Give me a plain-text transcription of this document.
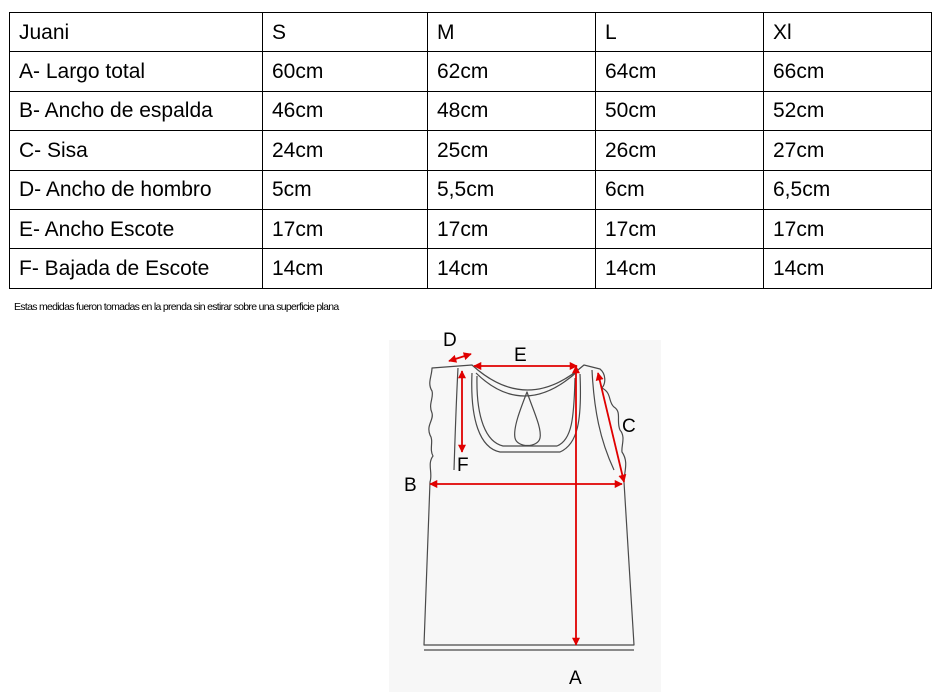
Juani	S	M	L	Xl
A- Largo total	60cm	62cm	64cm	66cm
B- Ancho de espalda	46cm	48cm	50cm	52cm
C- Sisa	24cm	25cm	26cm	27cm
D- Ancho de hombro	5cm	5,5cm	6cm	6,5cm
E- Ancho Escote	17cm	17cm	17cm	17cm
F- Bajada de Escote	14cm	14cm	14cm	14cm
Estas medidas fueron tomadas en la prenda sin estirar sobre una superficie plana
A
B
C
D
E
F
